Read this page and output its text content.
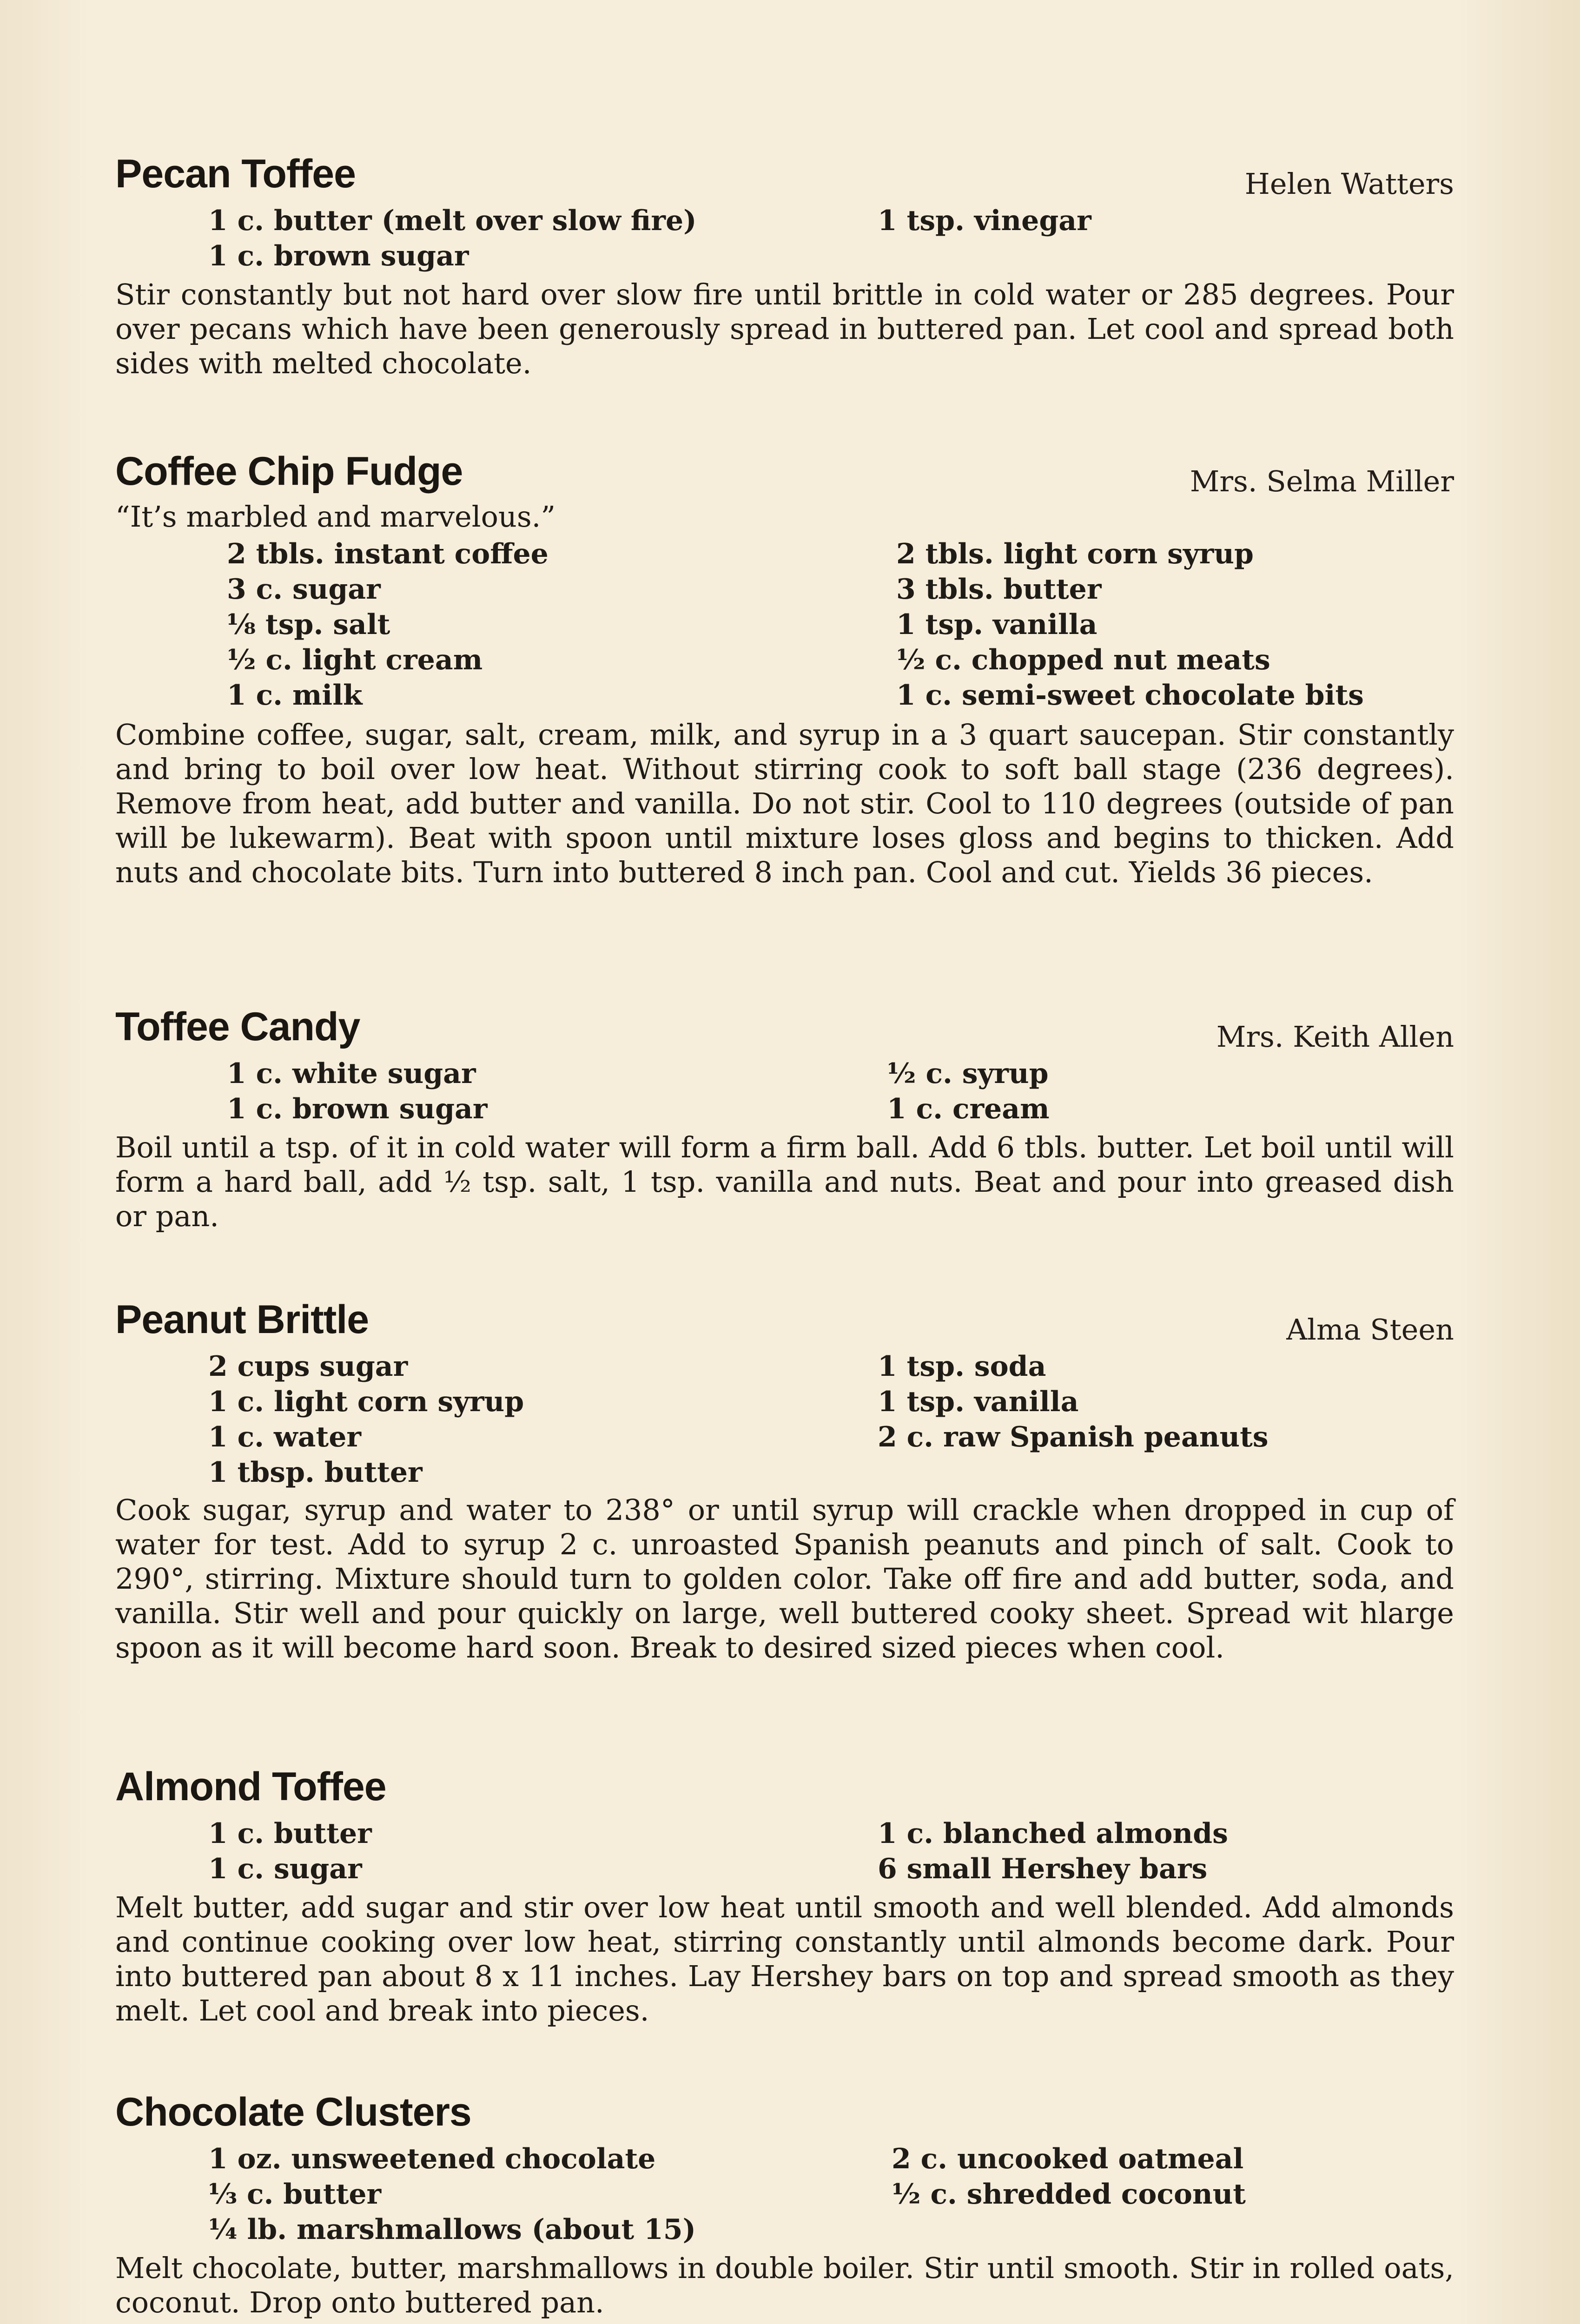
Pecan Toffee	Helen Watters
1 c. butter (melt over slow fire)
1 c. brown sugar
1 tsp. vinegar
Stir constantly but not hard over slow fire until brittle in cold water or 285 degrees. Pour over pecans which have been generously spread in buttered pan. Let cool and spread both sides with melted chocolate.
Coffee Chip Fudge	Mrs. Selma Miller
“It’s marbled and marvelous.”
2 tbls. instant coffee
3 c. sugar
⅛ tsp. salt
½ c. light cream
1 c. milk
2 tbls. light corn syrup
3 tbls. butter
1 tsp. vanilla
½ c. chopped nut meats
1 c. semi-sweet chocolate bits
Combine coffee, sugar, salt, cream, milk, and syrup in a 3 quart saucepan. Stir constantly and bring to boil over low heat. Without stirring cook to soft ball stage (236 degrees). Remove from heat, add butter and vanilla. Do not stir. Cool to 110 degrees (outside of pan will be lukewarm). Beat with spoon until mixture loses gloss and begins to thicken. Add nuts and chocolate bits. Turn into buttered 8 inch pan. Cool and cut. Yields 36 pieces.
Toffee Candy	Mrs. Keith Allen
1 c. white sugar
1 c. brown sugar
½ c. syrup
1 c. cream
Boil until a tsp. of it in cold water will form a firm ball. Add 6 tbls. butter. Let boil until will form a hard ball, add ½ tsp. salt, 1 tsp. vanilla and nuts. Beat and pour into greased dish or pan.
Peanut Brittle	Alma Steen
2 cups sugar
1 c. light corn syrup
1 c. water
1 tbsp. butter
1 tsp. soda
1 tsp. vanilla
2 c. raw Spanish peanuts
Cook sugar, syrup and water to 238° or until syrup will crackle when dropped in cup of water for test. Add to syrup 2 c. unroasted Spanish peanuts and pinch of salt. Cook to 290°, stirring. Mixture should turn to golden color. Take off fire and add butter, soda, and vanilla. Stir well and pour quickly on large, well buttered cooky sheet. Spread wit hlarge spoon as it will become hard soon. Break to desired sized pieces when cool.
Almond Toffee
1 c. butter
1 c. sugar
1 c. blanched almonds
6 small Hershey bars
Melt butter, add sugar and stir over low heat until smooth and well blended. Add almonds and continue cooking over low heat, stirring constantly until almonds become dark. Pour into buttered pan about 8 x 11 inches. Lay Hershey bars on top and spread smooth as they melt. Let cool and break into pieces.
Chocolate Clusters
1 oz. unsweetened chocolate
⅓ c. butter
¼ lb. marshmallows (about 15)
2 c. uncooked oatmeal
½ c. shredded coconut
Melt chocolate, butter, marshmallows in double boiler. Stir until smooth. Stir in rolled oats, coconut. Drop onto buttered pan.
